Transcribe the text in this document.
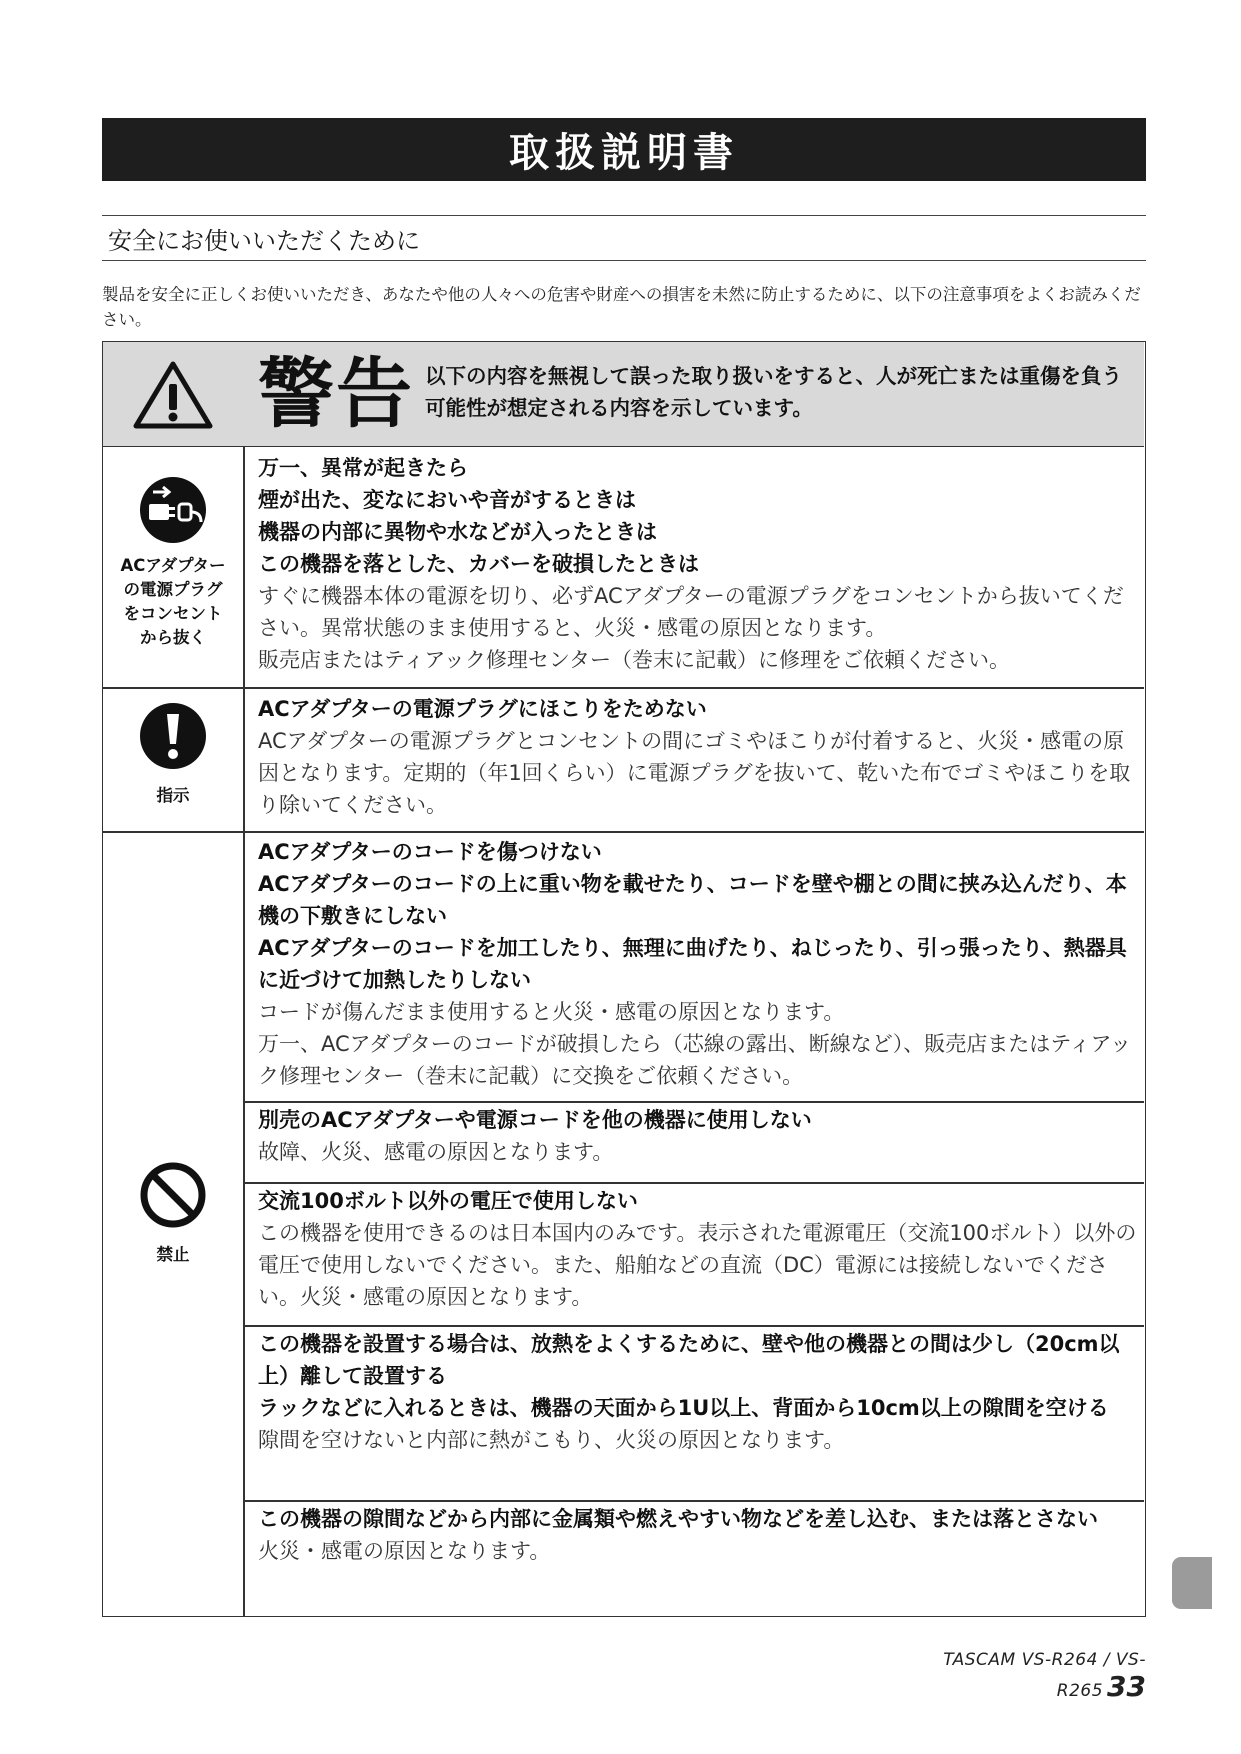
取扱説明書
安全にお使いいただくために
製品を安全に正しくお使いいただき、あなたや他の人々への危害や財産への損害を未然に防止するために、以下の注意事項をよくお読みください。
警告 以下の内容を無視して誤った取り扱いをすると、人が死亡または重傷を負う可能性が想定される内容を示しています。
ACアダプターの電源プラグをコンセントから抜く
指示
禁止
万一、異常が起きたら
煙が出た、変なにおいや音がするときは
機器の内部に異物や水などが入ったときは
この機器を落とした、カバーを破損したときは
すぐに機器本体の電源を切り、必ずACアダプターの電源プラグをコンセントから抜いてください。異常状態のまま使用すると、火災・感電の原因となります。
販売店またはティアック修理センター（巻末に記載）に修理をご依頼ください。
ACアダプターの電源プラグにほこりをためない
ACアダプターの電源プラグとコンセントの間にゴミやほこりが付着すると、火災・感電の原因となります。定期的（年1回くらい）に電源プラグを抜いて、乾いた布でゴミやほこりを取り除いてください。
ACアダプターのコードを傷つけない
ACアダプターのコードの上に重い物を載せたり、コードを壁や棚との間に挟み込んだり、本機の下敷きにしない
ACアダプターのコードを加工したり、無理に曲げたり、ねじったり、引っ張ったり、熱器具に近づけて加熱したりしない
コードが傷んだまま使用すると火災・感電の原因となります。
万一、ACアダプターのコードが破損したら（芯線の露出、断線など）、販売店またはティアック修理センター（巻末に記載）に交換をご依頼ください。
別売のACアダプターや電源コードを他の機器に使用しない
故障、火災、感電の原因となります。
交流100ボルト以外の電圧で使用しない
この機器を使用できるのは日本国内のみです。表示された電源電圧（交流100ボルト）以外の電圧で使用しないでください。また、船舶などの直流（DC）電源には接続しないでください。火災・感電の原因となります。
この機器を設置する場合は、放熱をよくするために、壁や他の機器との間は少し（20cm以上）離して設置する
ラックなどに入れるときは、機器の天面から1U以上、背面から10cm以上の隙間を空ける
隙間を空けないと内部に熱がこもり、火災の原因となります。
この機器の隙間などから内部に金属類や燃えやすい物などを差し込む、または落とさない
火災・感電の原因となります。
TASCAM VS-R264 / VS-R265 33
